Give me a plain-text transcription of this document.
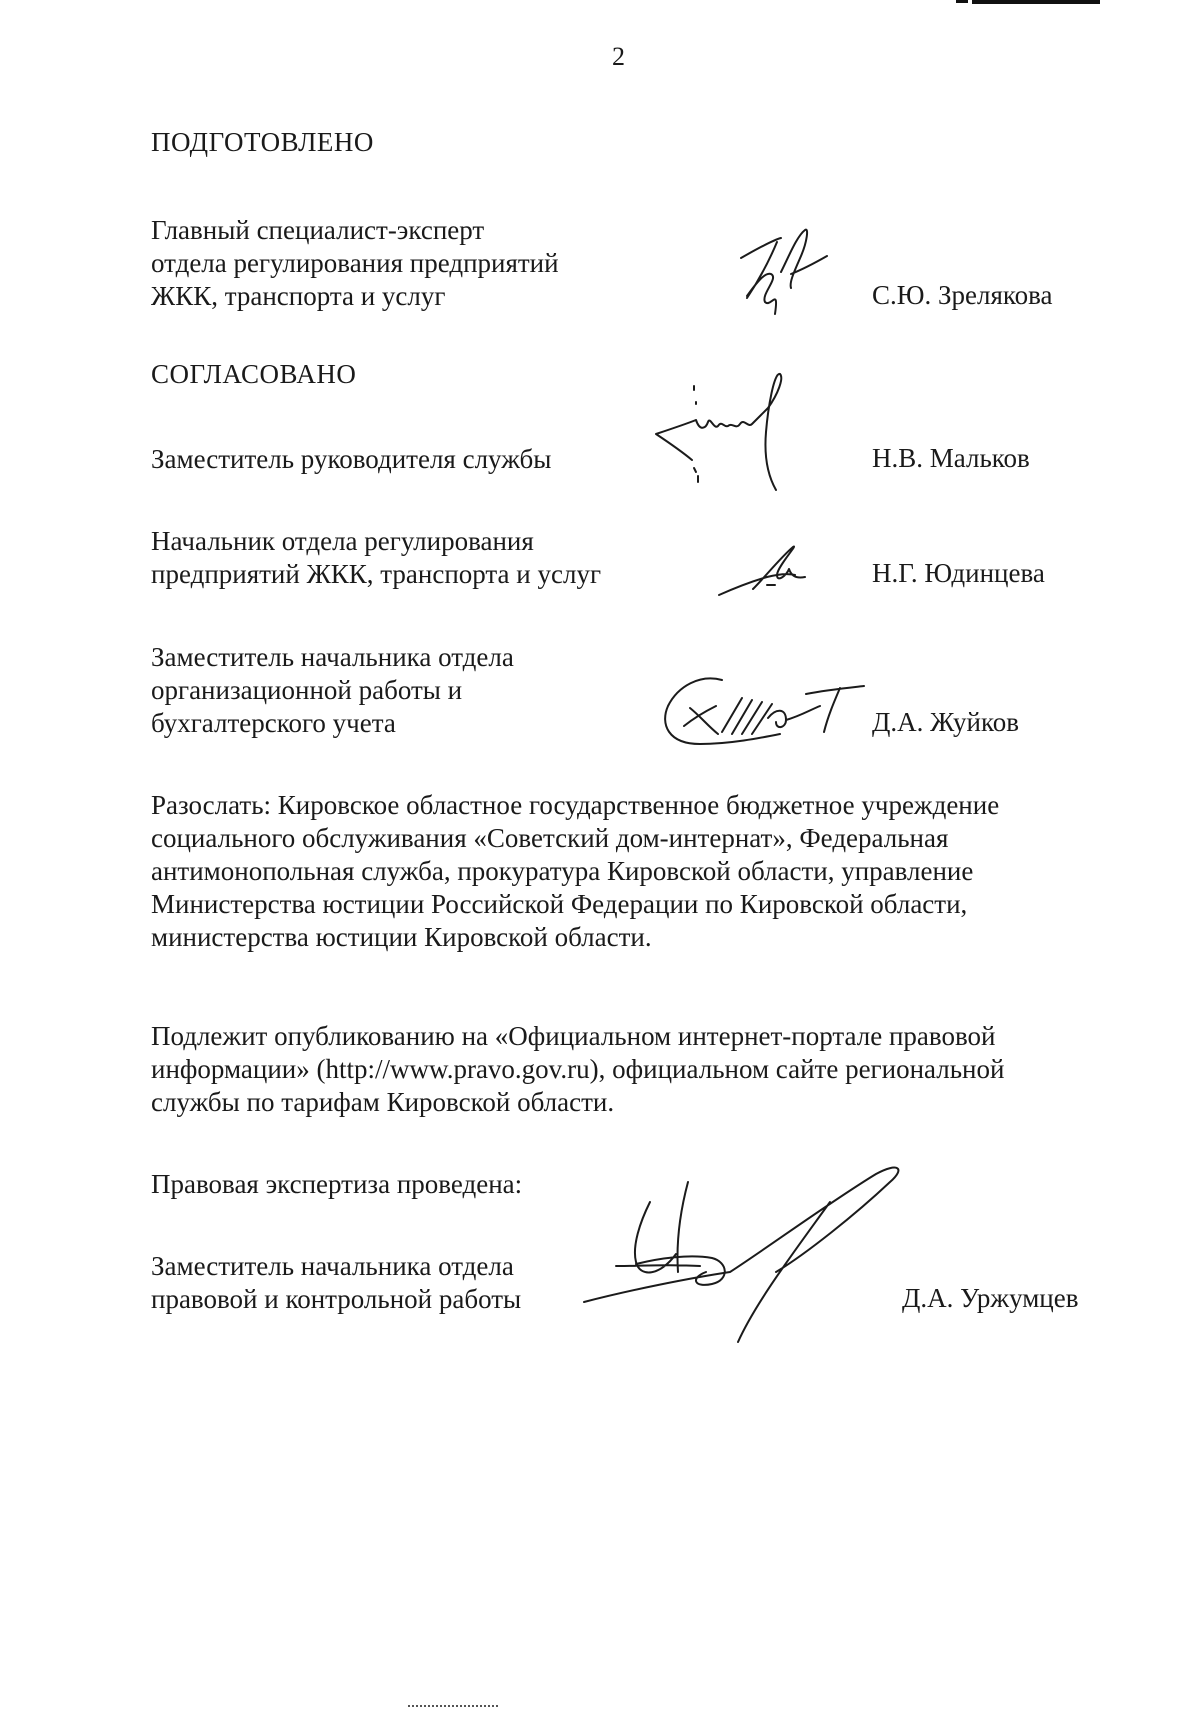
2
ПОДГОТОВЛЕНО
Главный специалист-эксперт
отдела регулирования предприятий
ЖКК, транспорта и услуг	С.Ю. Зрелякова
СОГЛАСОВАНО
Заместитель руководителя службы	Н.В. Мальков
Начальник отдела регулирования
предприятий ЖКК, транспорта и услуг	Н.Г. Юдинцева
Заместитель начальника отдела
организационной работы и
бухгалтерского учета	Д.А. Жуйков
Разослать: Кировское областное государственное бюджетное учреждение
социального обслуживания «Советский дом-интернат», Федеральная
антимонопольная служба, прокуратура Кировской области, управление
Министерства юстиции Российской Федерации по Кировской области,
министерства юстиции Кировской области.
Подлежит опубликованию на «Официальном интернет-портале правовой
информации» (http://www.pravo.gov.ru), официальном сайте региональной
службы по тарифам Кировской области.
Правовая экспертиза проведена:
Заместитель начальника отдела
правовой и контрольной работы	Д.А. Уржумцев
